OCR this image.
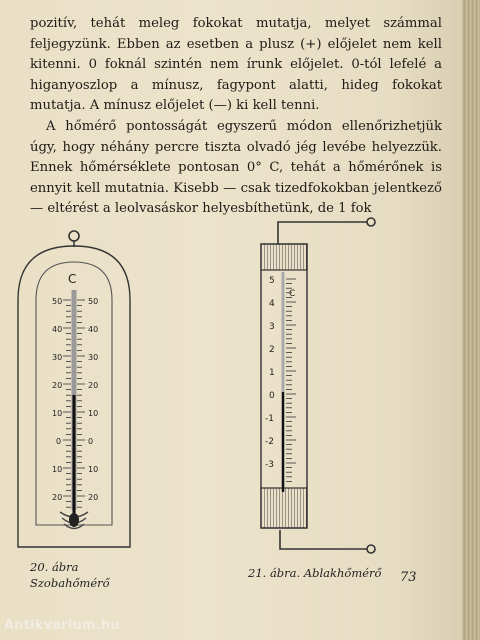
pozitív, tehát meleg fokokat mutatja, melyet számmal feljegyzünk. Ebben az esetben a plusz (+) előjelet nem kell kitenni. 0 foknál szintén nem írunk előjelet. 0-tól lefelé a higanyoszlop a mínusz, fagypont alatti, hideg fokokat mutatja. A mínusz előjelet (—) ki kell tenni.

A hőmérő pontosságát egyszerű módon ellenőrizhetjük úgy, hogy néhány percre tiszta olvadó jég levébe helyezzük. Ennek hőmérséklete pontosan 0° C, tehát a hőmérőnek is ennyit kell mutatnia. Kisebb — csak tizedfokokban jelentkező — eltérést a leolvasáskor helyesbíthetünk, de 1 fok

C
50
40
30
20
10
0
10
20
50
40
30
20
10
0
10
20
C
5
4
3
2
1
0
-1
-2
-3
20. ábra
Szobahőmérő
21. ábra. Ablakhőmérő 73
Antikvarium.hu
